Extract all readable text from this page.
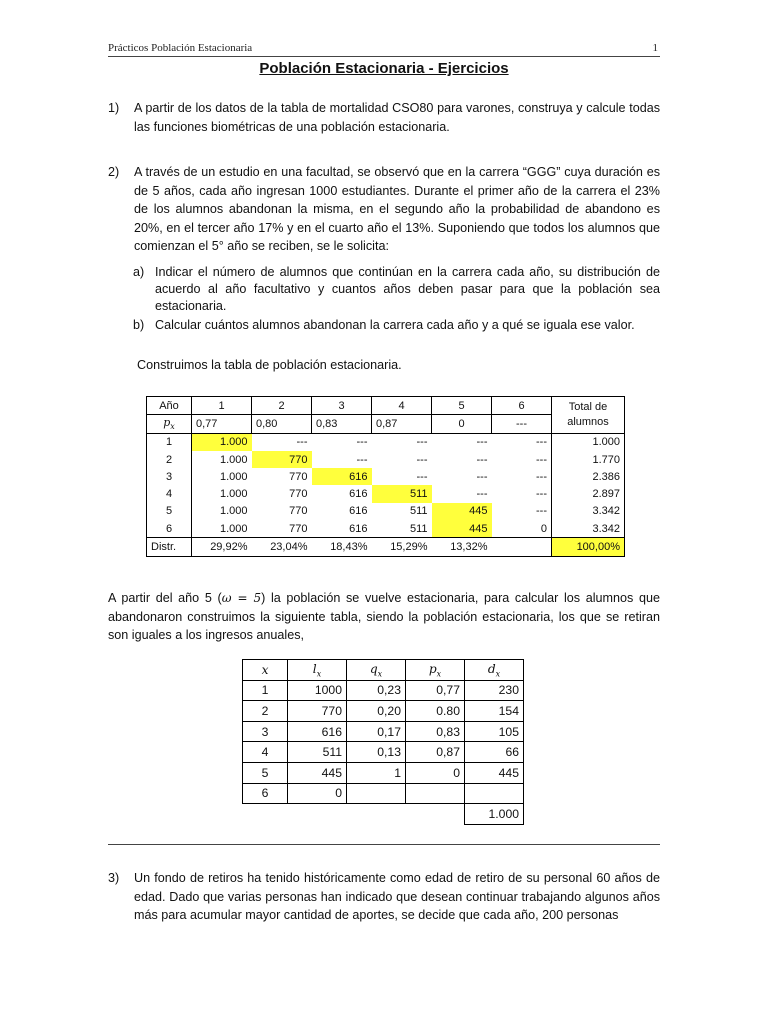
Prácticos Población Estacionaria	1
Población Estacionaria - Ejercicios
1) A partir de los datos de la tabla de mortalidad CSO80 para varones, construya y calcule todas las funciones biométricas de una población estacionaria.
2) A través de un estudio en una facultad, se observó que en la carrera “GGG” cuya duración es de 5 años, cada año ingresan 1000 estudiantes. Durante el primer año de la carrera el 23% de los alumnos abandonan la misma, en el segundo año la probabilidad de abandono es 20%, en el tercer año 17% y en el cuarto año el 13%. Suponiendo que todos los alumnos que comienzan el 5° año se reciben, se le solicita:
a) Indicar el número de alumnos que continúan en la carrera cada año, su distribución de acuerdo al año facultativo y cuantos años deben pasar para que la población sea estacionaria.
b) Calcular cuántos alumnos abandonan la carrera cada año y a qué se iguala ese valor.
Construimos la tabla de población estacionaria.
Año	1	2	3	4	5	6	Total de alumnos
$p_x$	0,77	0,80	0,83	0,87	0	---	
1	1.000	---	---	---	---	---	1.000
2	1.000	770	---	---	---	---	1.770
3	1.000	770	616	---	---	---	2.386
4	1.000	770	616	511	---	---	2.897
5	1.000	770	616	511	445	---	3.342
6	1.000	770	616	511	445	0	3.342
Distr.	29,92%	23,04%	18,43%	15,29%	13,32%		100,00%
A partir del año 5 (ω = 5) la población se vuelve estacionaria, para calcular los alumnos que abandonaron construimos la siguiente tabla, siendo la población estacionaria, los que se retiran son iguales a los ingresos anuales,
x	$l_x$	$q_x$	$p_x$	$d_x$
1	1000	0,23	0,77	230
2	770	0,20	0.80	154
3	616	0,17	0,83	105
4	511	0,13	0,87	66
5	445	1	0	445
6	0			
				1.000
3) Un fondo de retiros ha tenido históricamente como edad de retiro de su personal 60 años de edad. Dado que varias personas han indicado que desean continuar trabajando algunos años más para acumular mayor cantidad de aportes, se decide que cada año, 200 personas
